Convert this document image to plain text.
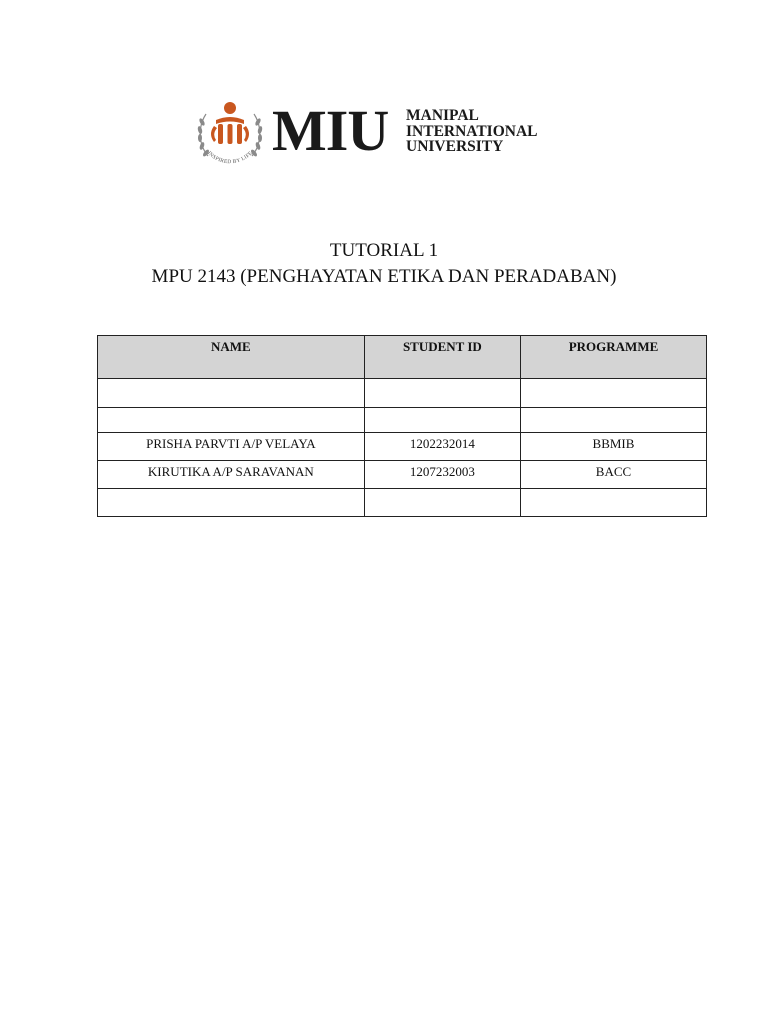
INSPIRED BY LIFE MIU MANIPAL
INTERNATIONAL
UNIVERSITY
TUTORIAL 1
MPU 2143 (PENGHAYATAN ETIKA DAN PERADABAN)
NAME	STUDENT ID	PROGRAMME

PRISHA PARVTI A/P VELAYA	1202232014	BBMIB
KIRUTIKA A/P SARAVANAN	1207232003	BACC
